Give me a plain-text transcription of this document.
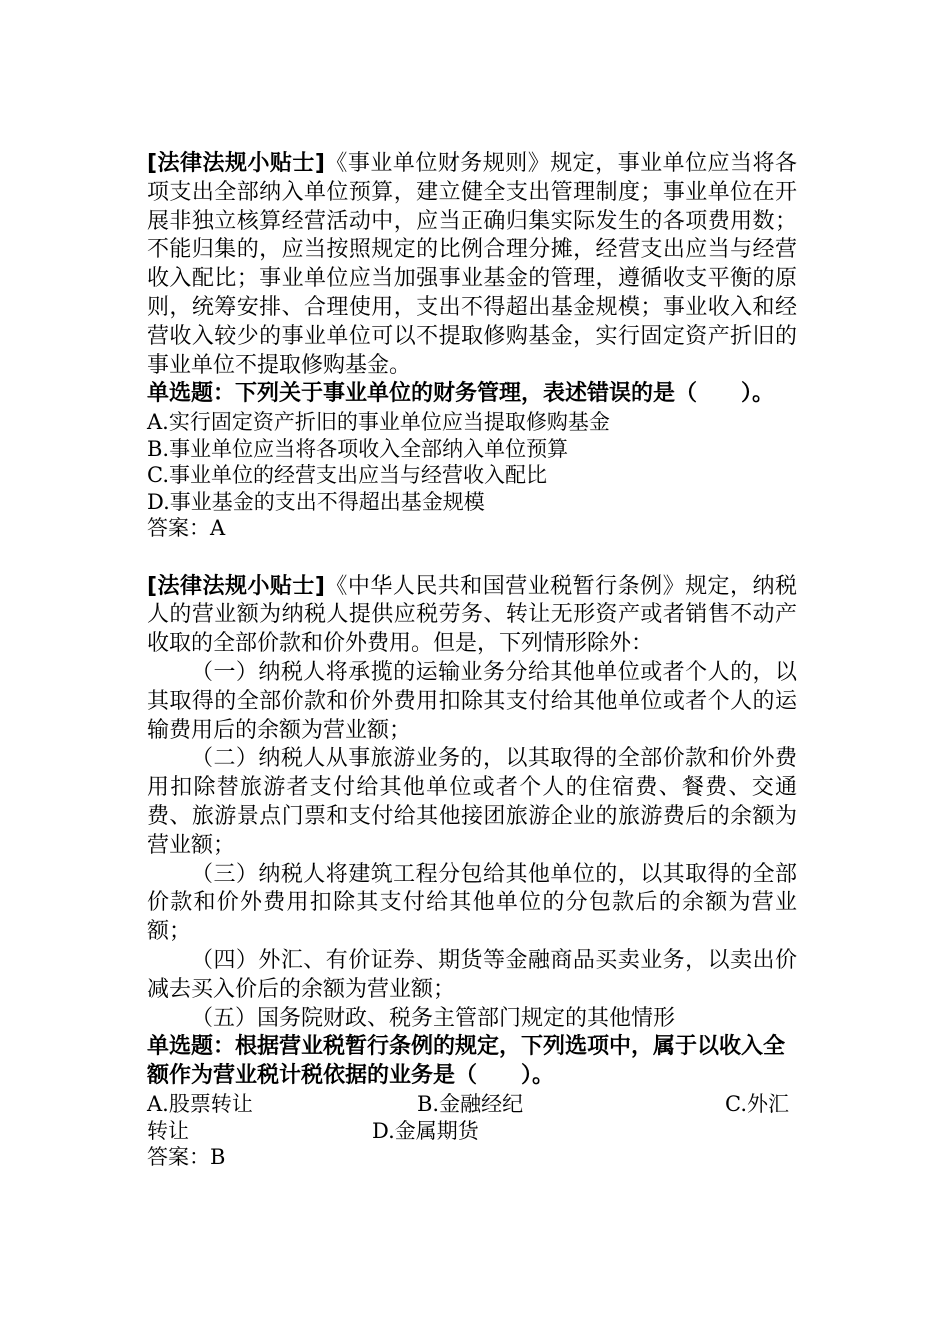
[法律法规小贴士]《事业单位财务规则》规定，事业单位应当将各项支出全部纳入单位预算，建立健全支出管理制度；事业单位在开展非独立核算经营活动中，应当正确归集实际发生的各项费用数；不能归集的，应当按照规定的比例合理分摊，经营支出应当与经营收入配比；事业单位应当加强事业基金的管理，遵循收支平衡的原则，统筹安排、合理使用，支出不得超出基金规模；事业收入和经营收入较少的事业单位可以不提取修购基金，实行固定资产折旧的事业单位不提取修购基金。
单选题：下列关于事业单位的财务管理，表述错误的是（　　）。
A.实行固定资产折旧的事业单位应当提取修购基金
B.事业单位应当将各项收入全部纳入单位预算
C.事业单位的经营支出应当与经营收入配比
D.事业基金的支出不得超出基金规模
答案：A
[法律法规小贴士]《中华人民共和国营业税暂行条例》规定，纳税人的营业额为纳税人提供应税劳务、转让无形资产或者销售不动产收取的全部价款和价外费用。但是，下列情形除外：
（一）纳税人将承揽的运输业务分给其他单位或者个人的，以其取得的全部价款和价外费用扣除其支付给其他单位或者个人的运输费用后的余额为营业额；
（二）纳税人从事旅游业务的，以其取得的全部价款和价外费用扣除替旅游者支付给其他单位或者个人的住宿费、餐费、交通费、旅游景点门票和支付给其他接团旅游企业的旅游费后的余额为营业额；
（三）纳税人将建筑工程分包给其他单位的，以其取得的全部价款和价外费用扣除其支付给其他单位的分包款后的余额为营业额；
（四）外汇、有价证券、期货等金融商品买卖业务，以卖出价减去买入价后的余额为营业额；
（五）国务院财政、税务主管部门规定的其他情形
单选题：根据营业税暂行条例的规定，下列选项中，属于以收入全额作为营业税计税依据的业务是（　　）。
A.股票转让	B.金融经纪	C.外汇
转让	D.金属期货
答案：B
